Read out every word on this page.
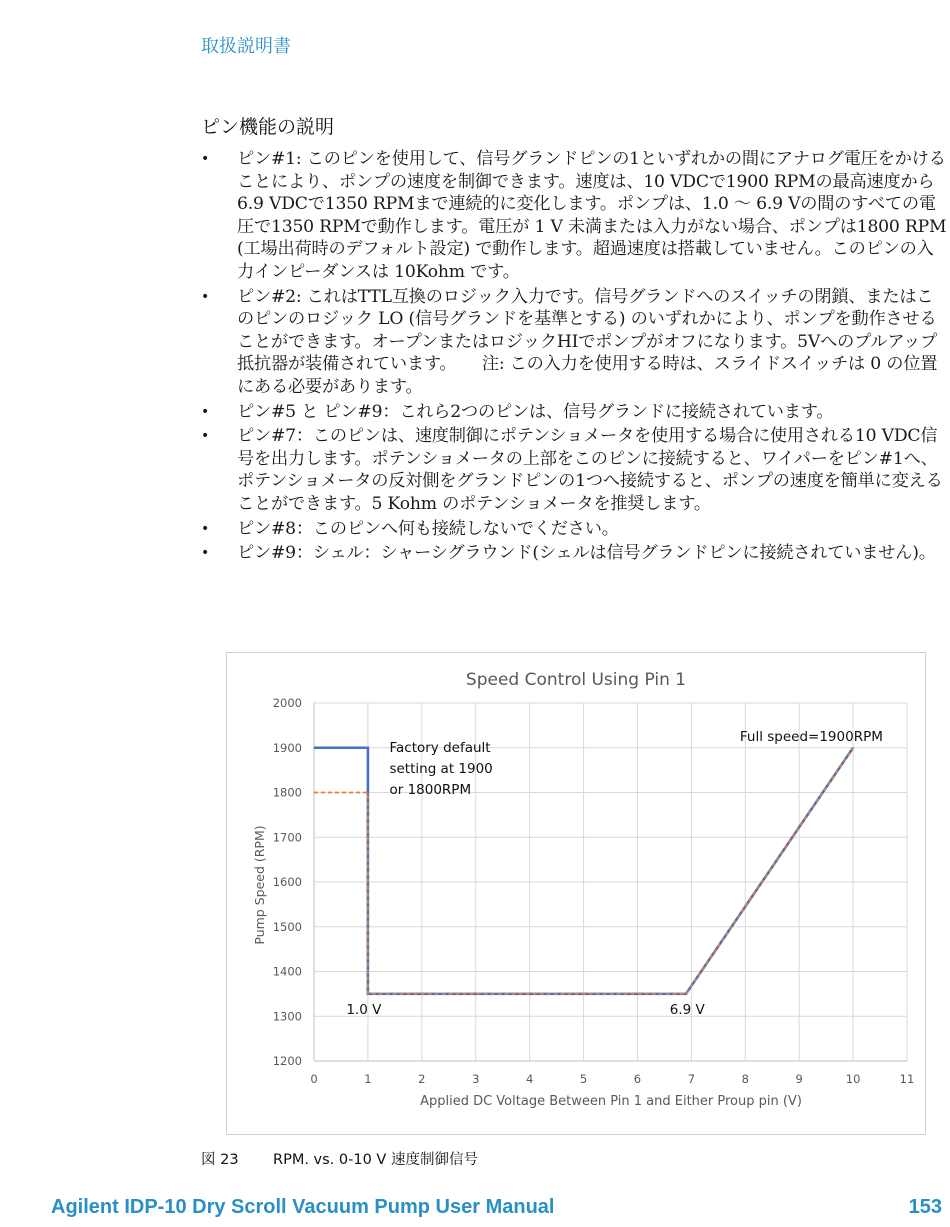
取扱説明書
ピン機能の説明
• ピン#1: このピンを使用して、信号グランドピンの1といずれかの間にアナログ電圧をかけることにより、ポンプの速度を制御できます。速度は、10 VDCで1900 RPMの最高速度から 6.9 VDCで1350 RPMまで連続的に変化します。ポンプは、1.0 ～ 6.9 Vの間のすべての電圧で1350 RPMで動作します。電圧が 1 V 未満または入力がない場合、ポンプは1800 RPM (工場出荷時のデフォルト設定) で動作します。超過速度は搭載していません。このピンの入力インピーダンスは 10Kohm です。
• ピン#2: これはTTL互換のロジック入力です。信号グランドへのスイッチの閉鎖、またはこのピンのロジック LO (信号グランドを基準とする) のいずれかにより、ポンプを動作させることができます。オープンまたはロジックHIでポンプがオフになります。5Vへのプルアップ抵抗器が装備されています。　　注: この入力を使用する時は、スライドスイッチは 0 の位置にある必要があります。
• ピン#5 と ピン#9：これら2つのピンは、信号グランドに接続されています。
• ピン#7：このピンは、速度制御にポテンショメータを使用する場合に使用される10 VDC信号を出力します。ポテンショメータの上部をこのピンに接続すると、ワイパーをピン#1へ、ポテンショメータの反対側をグランドピンの1つへ接続すると、ポンプの速度を簡単に変えることができます。5 Kohm のポテンショメータを推奨します。
• ピン#8：このピンへ何も接続しないでください。
• ピン#9：シェル：シャーシグラウンド(シェルは信号グランドピンに接続されていません)。
1200
1300
1400
1500
1600
1700
1800
1900
2000
0	1	2	3	4	5	6	7	8	9	10	11
Factory default setting at 1900 or 1800RPM
Full speed=1900RPM
1.0 V	6.9 V
Speed Control Using Pin 1
Applied DC Voltage Between Pin 1 and Either Proup pin (V)
Pump Speed (RPM)
図 23 RPM. vs. 0-10 V 速度制御信号
Agilent IDP-10 Dry Scroll Vacuum Pump User Manual	153
